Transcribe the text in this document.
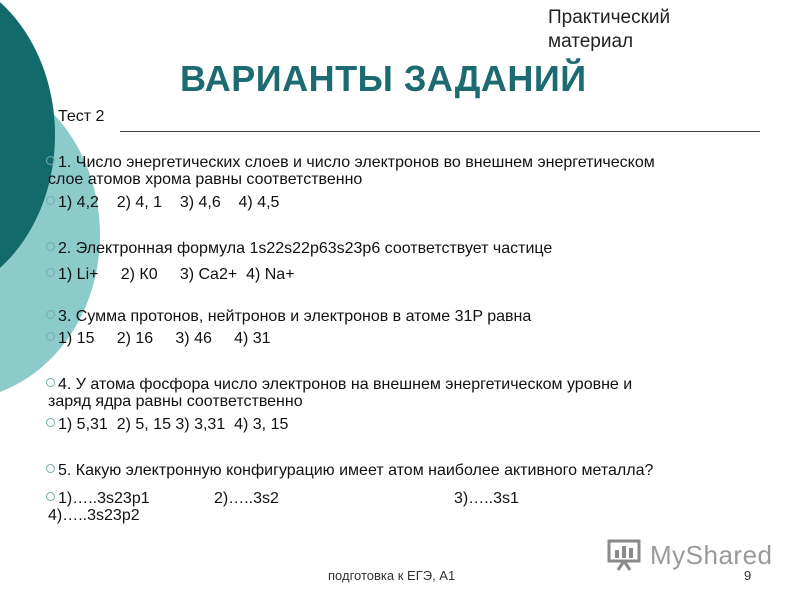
Практический материал
ВАРИАНТЫ ЗАДАНИЙ
Тест 2
1. Число энергетических слоев и число электронов во внешнем энергетическом
слое атомов хрома равны соответственно
1) 4,2    2) 4, 1    3) 4,6    4) 4,5
2. Электронная формула 1s22s22p63s23p6 соответствует частице
1) Li+     2) К0     3) Ca2+  4) Na+
3. Сумма протонов, нейтронов и электронов в атоме 31P равна
1) 15     2) 16     3) 46     4) 31
4. У атома фосфора число электронов на внешнем энергетическом уровне и
заряд ядра равны соответственно
1) 5,31  2) 5, 15 3) 3,31  4) 3, 15
5. Какую электронную конфигурацию имеет атом наиболее активного металла?
1)…..3s23p1	2)…..3s2	3)…..3s1
4)…..3s23p2
MyShared
подготовка к ЕГЭ, А1	9
